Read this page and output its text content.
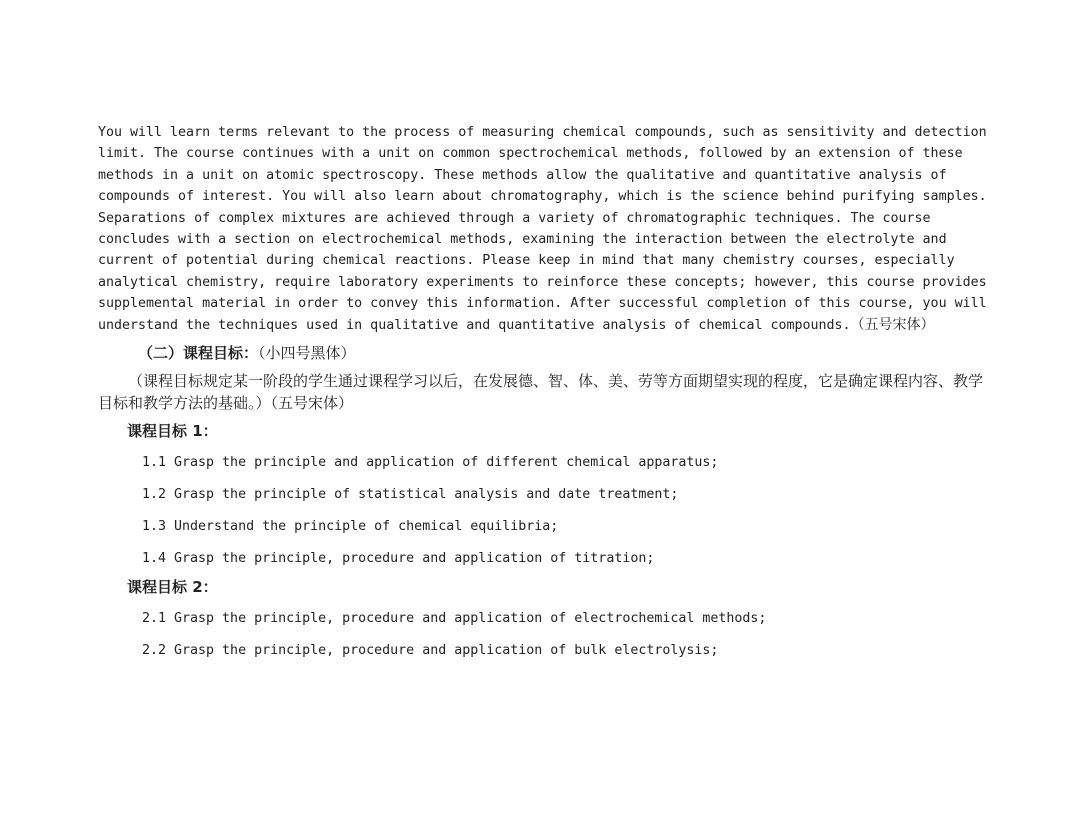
You will learn terms relevant to the process of measuring chemical compounds, such as sensitivity and detection limit. The course continues with a unit on common spectrochemical methods, followed by an extension of these methods in a unit on atomic spectroscopy. These methods allow the qualitative and quantitative analysis of compounds of interest. You will also learn about chromatography, which is the science behind purifying samples. Separations of complex mixtures are achieved through a variety of chromatographic techniques. The course concludes with a section on electrochemical methods, examining the interaction between the electrolyte and current of potential during chemical reactions. Please keep in mind that many chemistry courses, especially analytical chemistry, require laboratory experiments to reinforce these concepts; however, this course provides supplemental material in order to convey this information. After successful completion of this course, you will understand the techniques used in qualitative and quantitative analysis of chemical compounds.（五号宋体）

（二）课程目标：（小四号黑体）

（课程目标规定某一阶段的学生通过课程学习以后，在发展德、智、体、美、劳等方面期望实现的程度，它是确定课程内容、教学目标和教学方法的基础。）（五号宋体）

课程目标 1：
1.1 Grasp the principle and application of different chemical apparatus;
1.2 Grasp the principle of statistical analysis and date treatment;
1.3 Understand the principle of chemical equilibria;
1.4 Grasp the principle, procedure and application of titration;
课程目标 2：
2.1 Grasp the principle, procedure and application of electrochemical methods;
2.2 Grasp the principle, procedure and application of bulk electrolysis;
